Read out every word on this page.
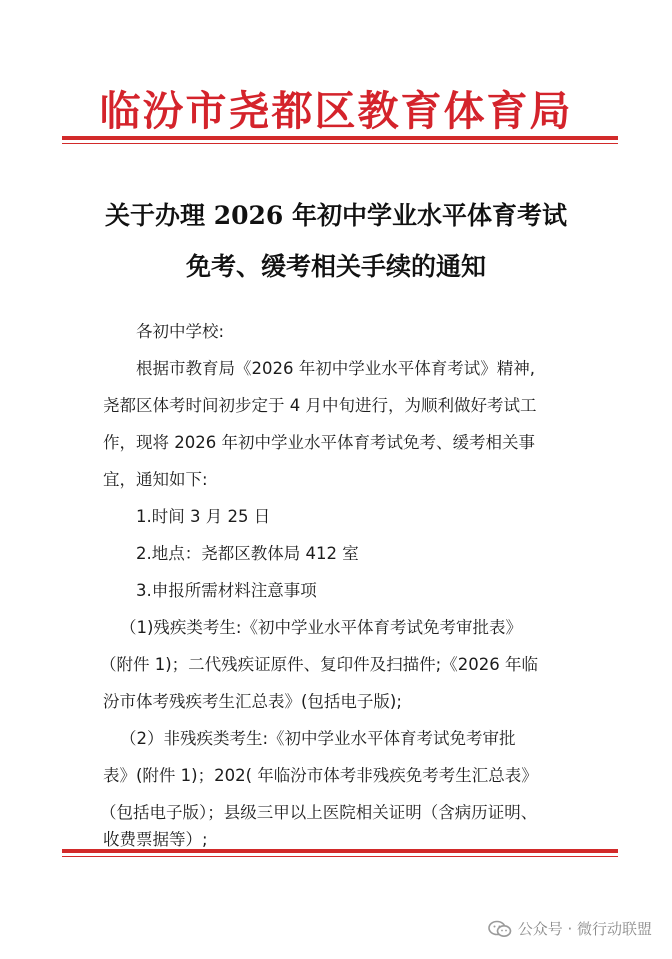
临汾市尧都区教育体育局
关于办理 2026 年初中学业水平体育考试
免考、缓考相关手续的通知
各初中学校:
根据市教育局《2026 年初中学业水平体育考试》精神,
尧都区体考时间初步定于 4 月中旬进行，为顺利做好考试工
作，现将 2026 年初中学业水平体育考试免考、缓考相关事
宜，通知如下:
1.时间 3 月 25 日
2.地点：尧都区教体局 412 室
3.申报所需材料注意事项
（1)残疾类考生:《初中学业水平体育考试免考审批表》
（附件 1)；二代残疾证原件、复印件及扫描件;《2026 年临
汾市体考残疾考生汇总表》(包括电子版);
（2）非残疾类考生:《初中学业水平体育考试免考审批
表》(附件 1)；202( 年临汾市体考非残疾免考考生汇总表》
（包括电子版）；县级三甲以上医院相关证明（含病历证明、
收费票据等）;
公众号 · 微行动联盟
